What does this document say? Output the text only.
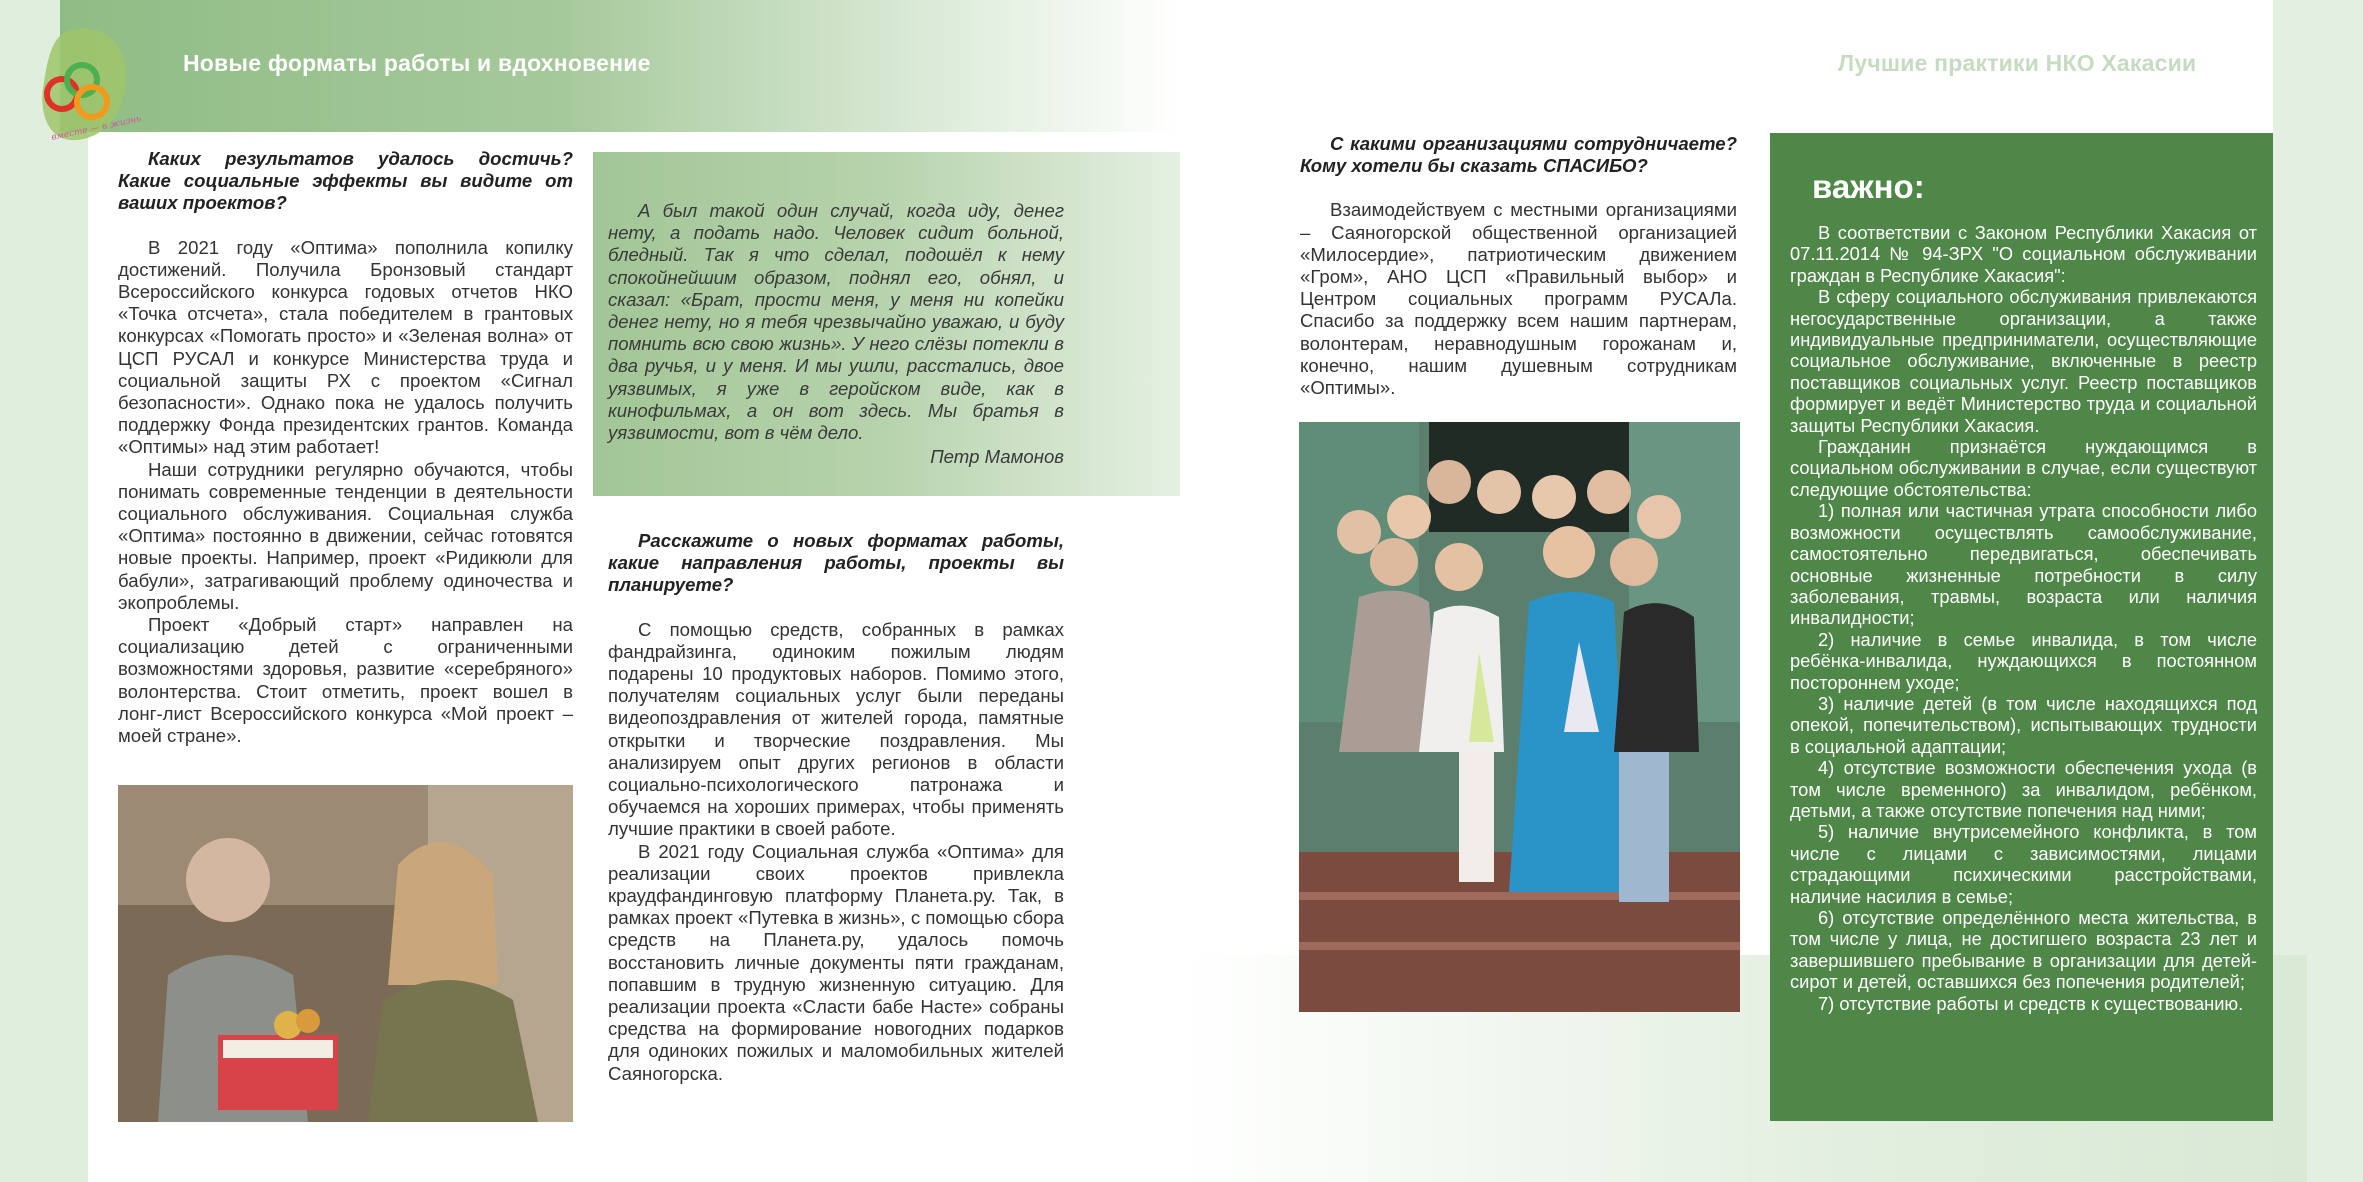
Новые форматы работы и вдохновение	Лучшие практики НКО Хакасии
вместе — в жизнь
Каких результатов удалось достичь? Какие социальные эффекты вы видите от ваших проектов?

В 2021 году «Оптима» пополнила копилку достижений. Получила Бронзовый стандарт Всероссийского конкурса годовых отчетов НКО «Точка отсчета», стала победителем в грантовых конкурсах «Помогать просто» и «Зеленая волна» от ЦСП РУСАЛ и конкурсе Министерства труда и социальной защиты РХ с проектом «Сигнал безопасности». Однако пока не удалось получить поддержку Фонда президентских грантов. Команда «Оптимы» над этим работает!

Наши сотрудники регулярно обучаются, чтобы понимать современные тенденции в деятельности социального обслуживания. Социальная служба «Оптима» постоянно в движении, сейчас готовятся новые проекты. Например, проект «Ридикюли для бабули», затрагивающий проблему одиночества и экопроблемы.

Проект «Добрый старт» направлен на социализацию детей с ограниченными возможностями здоровья, развитие «серебряного» волонтерства. Стоит отметить, проект вошел в лонг-лист Всероссийского конкурса «Мой проект – моей стране».

А был такой один случай, когда иду, денег нету, а подать надо. Человек сидит больной, бледный. Так я что сделал, подошёл к нему спокойнейшим образом, поднял его, обнял, и сказал: «Брат, прости меня, у меня ни копейки денег нету, но я тебя чрезвычайно уважаю, и буду помнить всю свою жизнь». У него слёзы потекли в два ручья, и у меня. И мы ушли, расстались, двое уязвимых, я уже в геройском виде, как в кинофильмах, а он вот здесь. Мы братья в уязвимости, вот в чём дело.
Петр Мамонов
Расскажите о новых форматах работы, какие направления работы, проекты вы планируете?

С помощью средств, собранных в рамках фандрайзинга, одиноким пожилым людям подарены 10 продуктовых наборов. Помимо этого, получателям социальных услуг были переданы видеопоздравления от жителей города, памятные открытки и творческие поздравления. Мы анализируем опыт других регионов в области социально-психологического патронажа и обучаемся на хороших примерах, чтобы применять лучшие практики в своей работе.

В 2021 году Социальная служба «Оптима» для реализации своих проектов привлекла краудфандинговую платформу Планета.ру. Так, в рамках проект «Путевка в жизнь», с помощью сбора средств на Планета.ру, удалось помочь восстановить личные документы пяти гражданам, попавшим в трудную жизненную ситуацию. Для реализации проекта «Сласти бабе Насте» собраны средства на формирование новогодних подарков для одиноких пожилых и маломобильных жителей Саяногорска.

С какими организациями сотрудничаете? Кому хотели бы сказать СПАСИБО?

Взаимодействуем с местными организациями – Саяногорской общественной организацией «Милосердие», патриотическим движением «Гром», АНО ЦСП «Правильный выбор» и Центром социальных программ РУСАЛа. Спасибо за поддержку всем нашим партнерам, волонтерам, неравнодушным горожанам и, конечно, нашим душевным сотрудникам «Оптимы».

важно:

В соответствии с Законом Республики Хакасия от 07.11.2014 № 94-ЗРХ "О социальном обслуживании граждан в Республике Хакасия":

В сферу социального обслуживания привлекаются негосударственные организации, а также индивидуальные предприниматели, осуществляющие социальное обслуживание, включенные в реестр поставщиков социальных услуг. Реестр поставщиков формирует и ведёт Министерство труда и социальной защиты Республики Хакасия.

Гражданин признаётся нуждающимся в социальном обслуживании в случае, если существуют следующие обстоятельства:

1) полная или частичная утрата способности либо возможности осуществлять самообслуживание, самостоятельно передвигаться, обеспечивать основные жизненные потребности в силу заболевания, травмы, возраста или наличия инвалидности;

2) наличие в семье инвалида, в том числе ребёнка-инвалида, нуждающихся в постоянном постороннем уходе;

3) наличие детей (в том числе находящихся под опекой, попечительством), испытывающих трудности в социальной адаптации;

4) отсутствие возможности обеспечения ухода (в том числе временного) за инвалидом, ребёнком, детьми, а также отсутствие попечения над ними;

5) наличие внутрисемейного конфликта, в том числе с лицами с зависимостями, лицами страдающими психическими расстройствами, наличие насилия в семье;

6) отсутствие определённого места жительства, в том числе у лица, не достигшего возраста 23 лет и завершившего пребывание в организации для детей-сирот и детей, оставшихся без попечения родителей;

7) отсутствие работы и средств к существованию.
